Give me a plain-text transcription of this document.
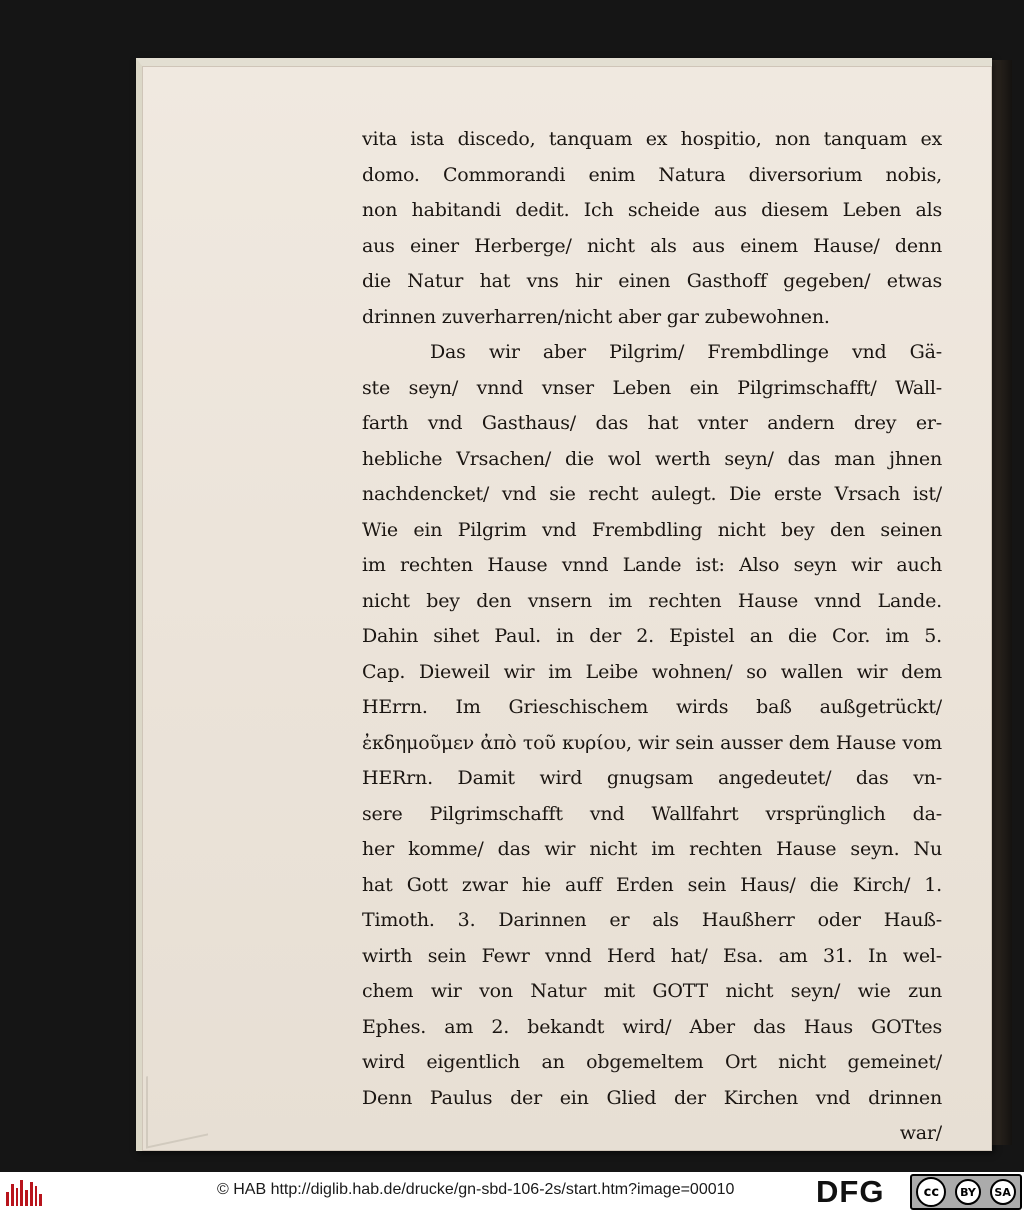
vita ista discedo, tanquam ex hospitio, non tanquam ex
domo. Commorandi enim Natura diversorium nobis,
non habitandi dedit. Ich scheide aus diesem Leben als
aus einer Herberge/ nicht als aus einem Hause/ denn
die Natur hat vns hir einen Gasthoff gegeben/ etwas
drinnen zuverharren/nicht aber gar zubewohnen.
Das wir aber Pilgrim/ Frembdlinge vnd Gä-
ste seyn/ vnnd vnser Leben ein Pilgrimschafft/ Wall-
farth vnd Gasthaus/ das hat vnter andern drey er-
hebliche Vrsachen/ die wol werth seyn/ das man jhnen
nachdencket/ vnd sie recht aulegt. Die erste Vrsach ist/
Wie ein Pilgrim vnd Frembdling nicht bey den seinen
im rechten Hause vnnd Lande ist: Also seyn wir auch
nicht bey den vnsern im rechten Hause vnnd Lande.
Dahin sihet Paul. in der 2. Epistel an die Cor. im 5.
Cap. Dieweil wir im Leibe wohnen/ so wallen wir dem
HErrn. Im Grieschischem wirds baß außgetrückt/
ἐκδημοῦμεν ἀπὸ τοῦ κυρίου, wir sein ausser dem Hause vom
HERrn. Damit wird gnugsam angedeutet/ das vn-
sere Pilgrimschafft vnd Wallfahrt vrsprünglich da-
her komme/ das wir nicht im rechten Hause seyn. Nu
hat Gott zwar hie auff Erden sein Haus/ die Kirch/ 1.
Timoth. 3. Darinnen er als Haußherr oder Hauß-
wirth sein Fewr vnnd Herd hat/ Esa. am 31. In wel-
chem wir von Natur mit GOTT nicht seyn/ wie zun
Ephes. am 2. bekandt wird/ Aber das Haus GOTtes
wird eigentlich an obgemeltem Ort nicht gemeinet/
Denn Paulus der ein Glied der Kirchen vnd drinnen
war/
© HAB http://diglib.hab.de/drucke/gn-sbd-106-2s/start.htm?image=00010	DFG	cc	BY	SA
